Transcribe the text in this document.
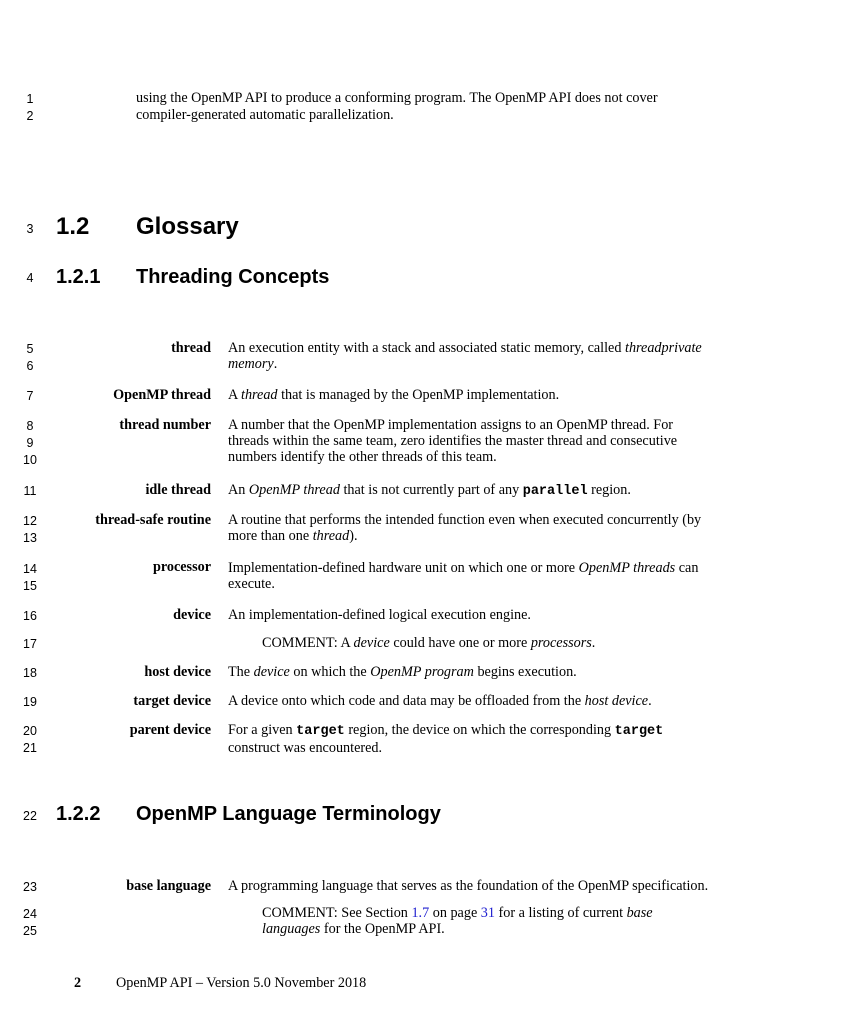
1
2
3
4
5
6
7
8
9
10
11
12
13
14
15
16
17
18
19
20
21
22
23
24
25
using the OpenMP API to produce a conforming program. The OpenMP API does not cover
compiler-generated automatic parallelization.
1.2 Glossary
1.2.1 Threading Concepts
thread An execution entity with a stack and associated static memory, called threadprivate
memory.
OpenMP thread A thread that is managed by the OpenMP implementation.
thread number A number that the OpenMP implementation assigns to an OpenMP thread. For
threads within the same team, zero identifies the master thread and consecutive
numbers identify the other threads of this team.
idle thread An OpenMP thread that is not currently part of any parallel region.
thread-safe routine A routine that performs the intended function even when executed concurrently (by
more than one thread).
processor Implementation-defined hardware unit on which one or more OpenMP threads can
execute.
device An implementation-defined logical execution engine.
COMMENT: A device could have one or more processors.
host device The device on which the OpenMP program begins execution.
target device A device onto which code and data may be offloaded from the host device.
parent device For a given target region, the device on which the corresponding target
construct was encountered.
1.2.2 OpenMP Language Terminology
base language A programming language that serves as the foundation of the OpenMP specification.
COMMENT: See Section 1.7 on page 31 for a listing of current base
languages for the OpenMP API.
2 OpenMP API – Version 5.0 November 2018
